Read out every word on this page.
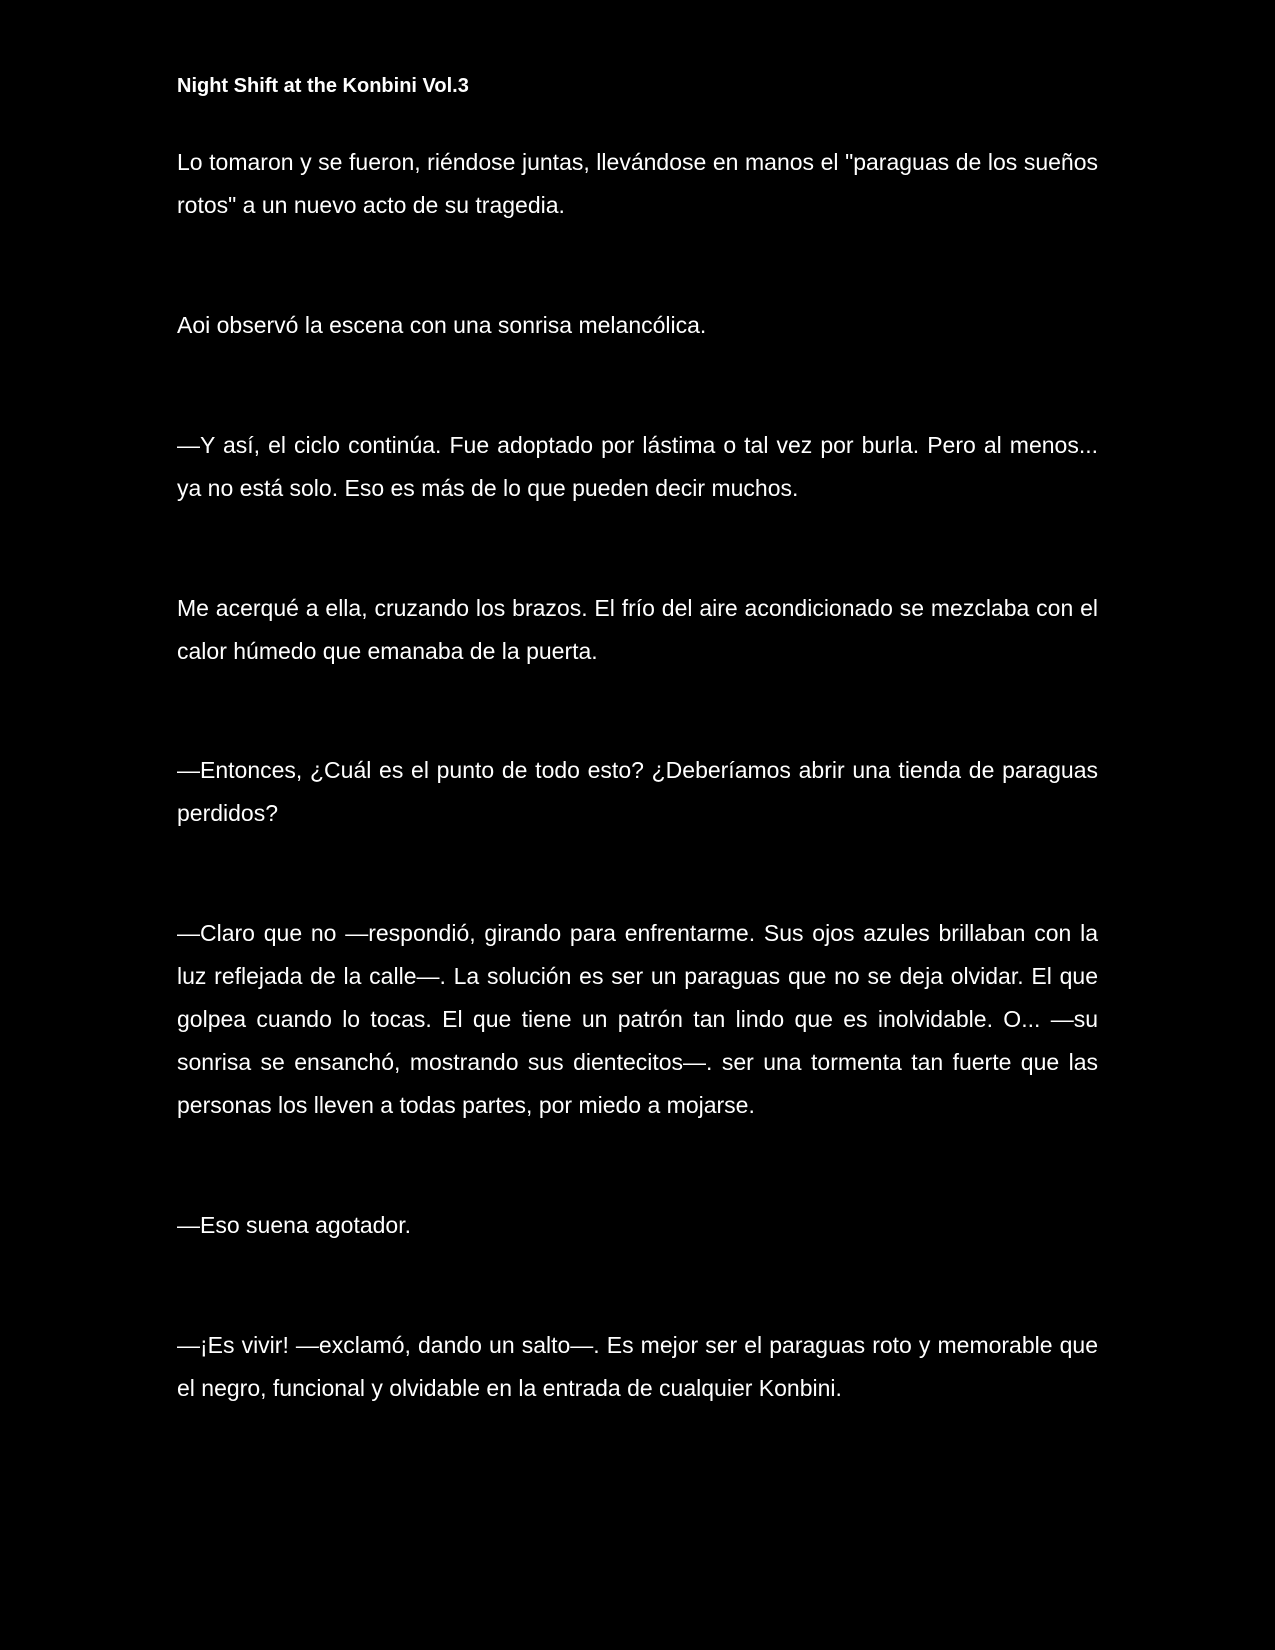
Night Shift at the Konbini Vol.3

Lo tomaron y se fueron, riéndose juntas, llevándose en manos el "paraguas de los sueños rotos" a un nuevo acto de su tragedia.

Aoi observó la escena con una sonrisa melancólica.

—Y así, el ciclo continúa. Fue adoptado por lástima o tal vez por burla. Pero al menos... ya no está solo. Eso es más de lo que pueden decir muchos.

Me acerqué a ella, cruzando los brazos. El frío del aire acondicionado se mezclaba con el calor húmedo que emanaba de la puerta.

—Entonces, ¿Cuál es el punto de todo esto? ¿Deberíamos abrir una tienda de paraguas perdidos?

—Claro que no —respondió, girando para enfrentarme. Sus ojos azules brillaban con la luz reflejada de la calle—. La solución es ser un paraguas que no se deja olvidar. El que golpea cuando lo tocas. El que tiene un patrón tan lindo que es inolvidable. O... —su sonrisa se ensanchó, mostrando sus dientecitos—. ser una tormenta tan fuerte que las personas los lleven a todas partes, por miedo a mojarse.

—Eso suena agotador.

—¡Es vivir! —exclamó, dando un salto—. Es mejor ser el paraguas roto y memorable que el negro, funcional y olvidable en la entrada de cualquier Konbini.
